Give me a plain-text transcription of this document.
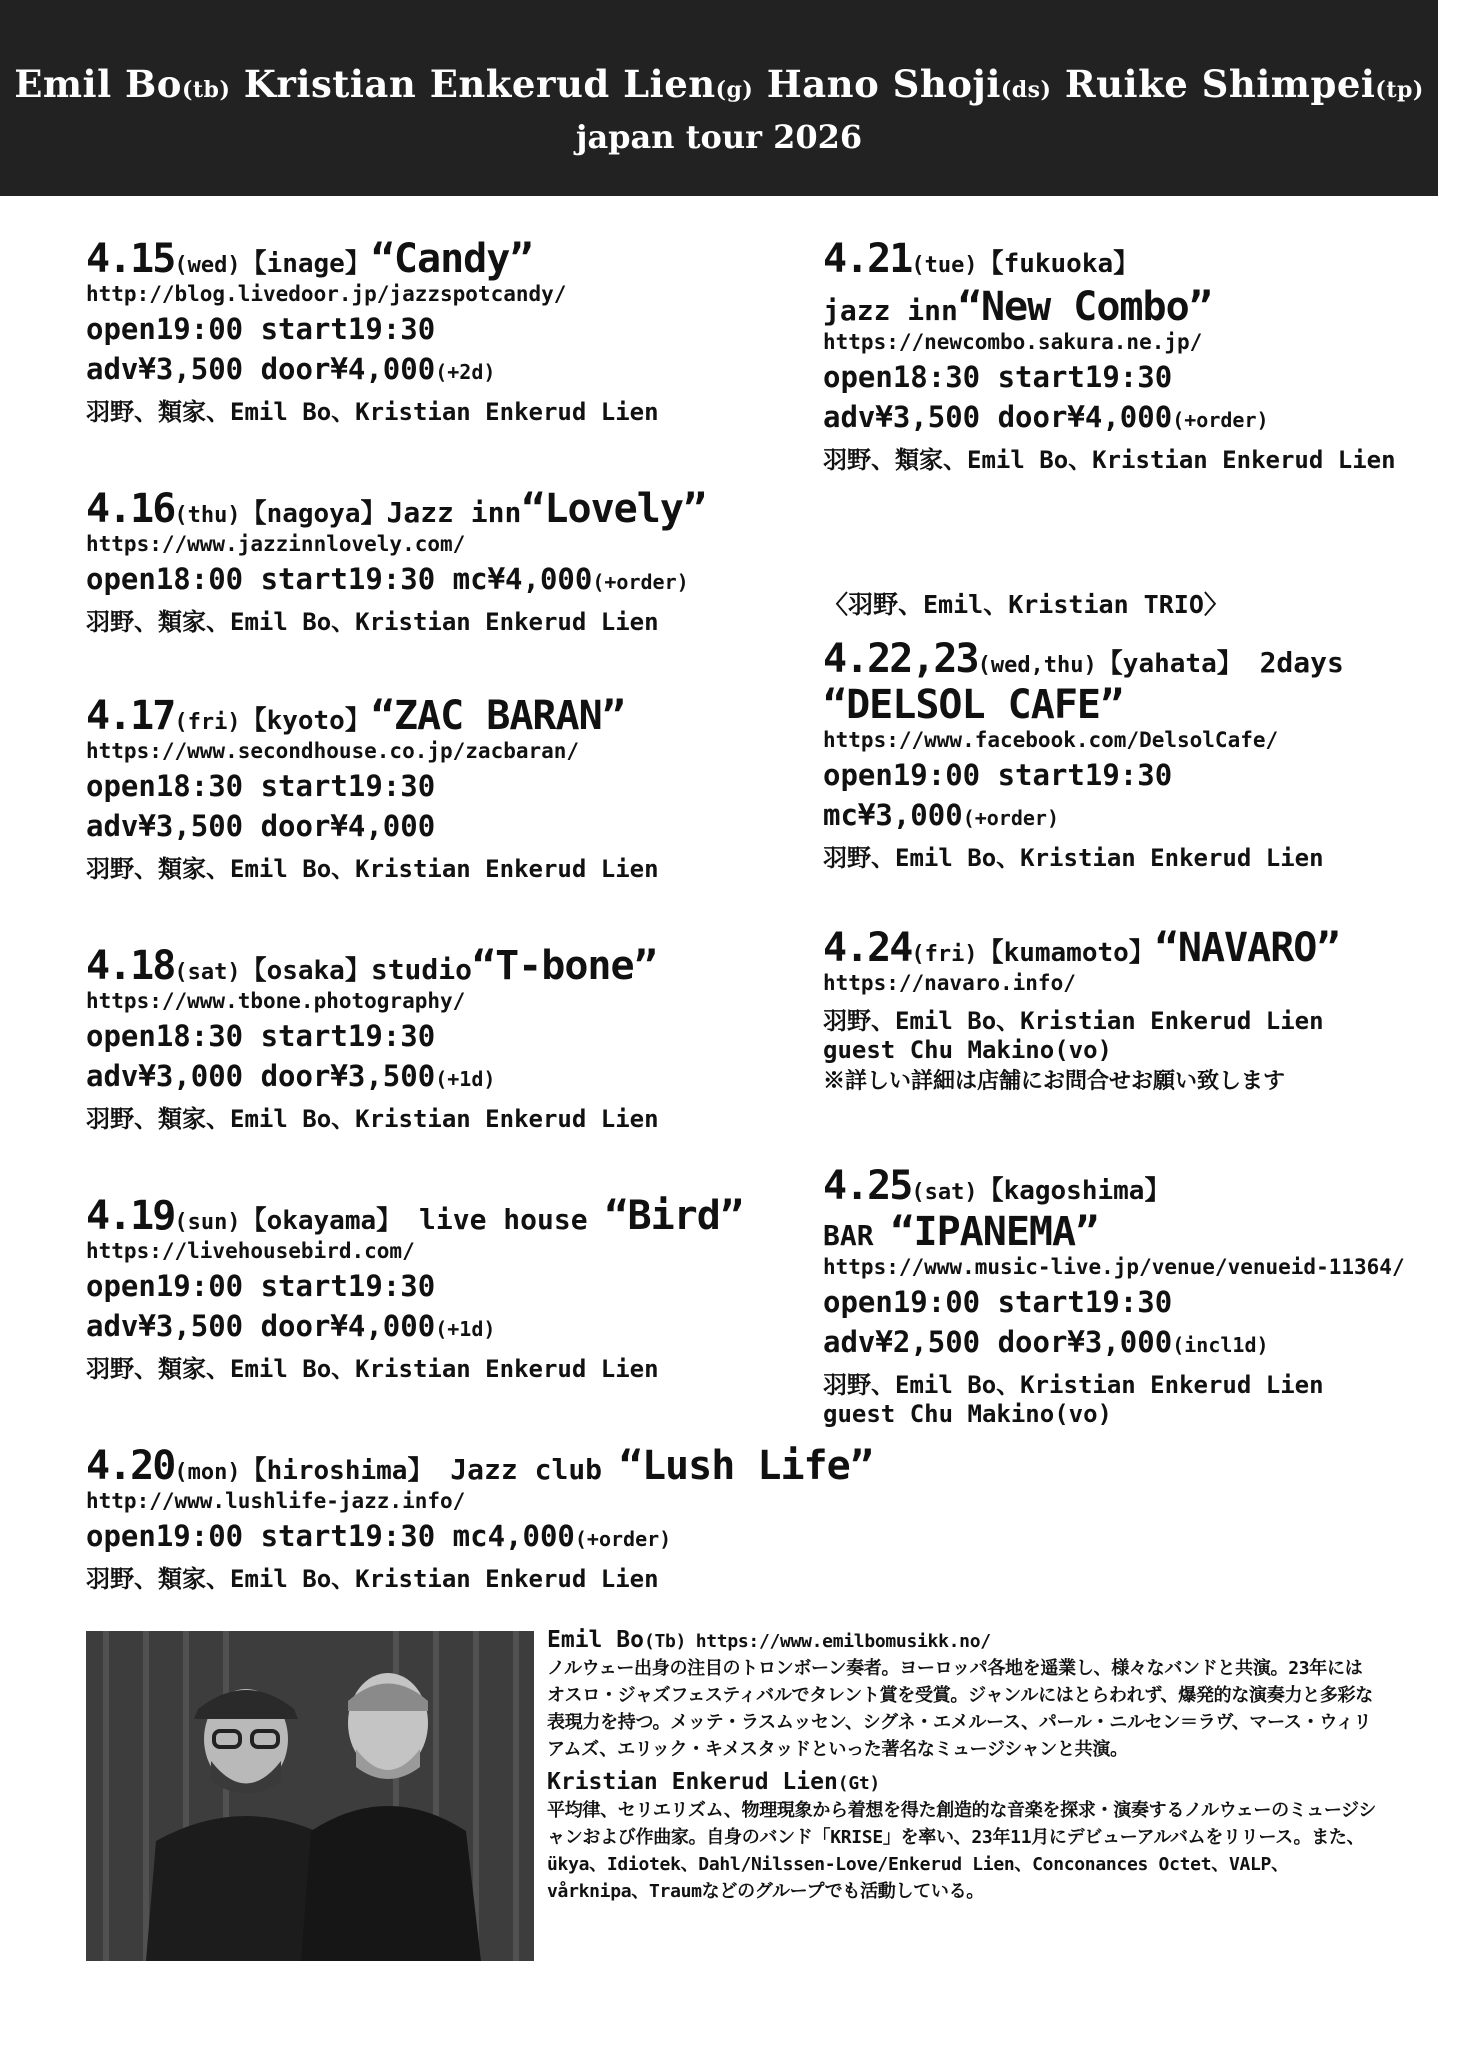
Emil Bo(tb) Kristian Enkerud Lien(g) Hano Shoji(ds) Ruike Shimpei(tp)
japan tour 2026
4.15(wed)【inage】“Candy”
http://blog.livedoor.jp/jazzspotcandy/
open19:00 start19:30
adv¥3,500 door¥4,000(+2d)
羽野、類家、Emil Bo、Kristian Enkerud Lien
4.16(thu)【nagoya】Jazz inn“Lovely”
https://www.jazzinnlovely.com/
open18:00 start19:30 mc¥4,000(+order)
羽野、類家、Emil Bo、Kristian Enkerud Lien
4.17(fri)【kyoto】“ZAC BARAN”
https://www.secondhouse.co.jp/zacbaran/
open18:30 start19:30
adv¥3,500 door¥4,000
羽野、類家、Emil Bo、Kristian Enkerud Lien
4.18(sat)【osaka】studio“T-bone”
https://www.tbone.photography/
open18:30 start19:30
adv¥3,000 door¥3,500(+1d)
羽野、類家、Emil Bo、Kristian Enkerud Lien
4.19(sun)【okayama】 live house “Bird”
https://livehousebird.com/
open19:00 start19:30
adv¥3,500 door¥4,000(+1d)
羽野、類家、Emil Bo、Kristian Enkerud Lien
4.20(mon)【hiroshima】 Jazz club “Lush Life”
http://www.lushlife-jazz.info/
open19:00 start19:30 mc4,000(+order)
羽野、類家、Emil Bo、Kristian Enkerud Lien
4.21(tue)【fukuoka】
jazz inn“New Combo”
https://newcombo.sakura.ne.jp/
open18:30 start19:30
adv¥3,500 door¥4,000(+order)
羽野、類家、Emil Bo、Kristian Enkerud Lien
〈羽野、Emil、Kristian TRIO〉
4.22,23(wed,thu)【yahata】 2days
“DELSOL CAFE”
https://www.facebook.com/DelsolCafe/
open19:00 start19:30
mc¥3,000(+order)
羽野、Emil Bo、Kristian Enkerud Lien
4.24(fri)【kumamoto】“NAVARO”
https://navaro.info/
羽野、Emil Bo、Kristian Enkerud Lien
guest Chu Makino(vo)
※詳しい詳細は店舗にお問合せお願い致します
4.25(sat)【kagoshima】
BAR “IPANEMA”
https://www.music-live.jp/venue/venueid-11364/
open19:00 start19:30
adv¥2,500 door¥3,000(incl1d)
羽野、Emil Bo、Kristian Enkerud Lien
guest Chu Makino(vo)
Emil Bo(Tb) https://www.emilbomusikk.no/
ノルウェー出身の注目のトロンボーン奏者。ヨーロッパ各地を遥業し、様々なバンドと共演。23年にはオスロ・ジャズフェスティバルでタレント賞を受賞。ジャンルにはとらわれず、爆発的な演奏力と多彩な表現力を持つ。メッテ・ラスムッセン、シグネ・エメルース、パール・ニルセン＝ラヴ、マース・ウィリアムズ、エリック・キメスタッドといった著名なミュージシャンと共演。
Kristian Enkerud Lien(Gt)
平均律、セリエリズム、物理現象から着想を得た創造的な音楽を探求・演奏するノルウェーのミュージシャンおよび作曲家。自身のバンド「KRISE」を率い、23年11月にデビューアルバムをリリース。また、ükya、Idiotek、Dahl/Nilssen-Love/Enkerud Lien、Conconances Octet、VALP、vårknipa、Traumなどのグループでも活動している。
